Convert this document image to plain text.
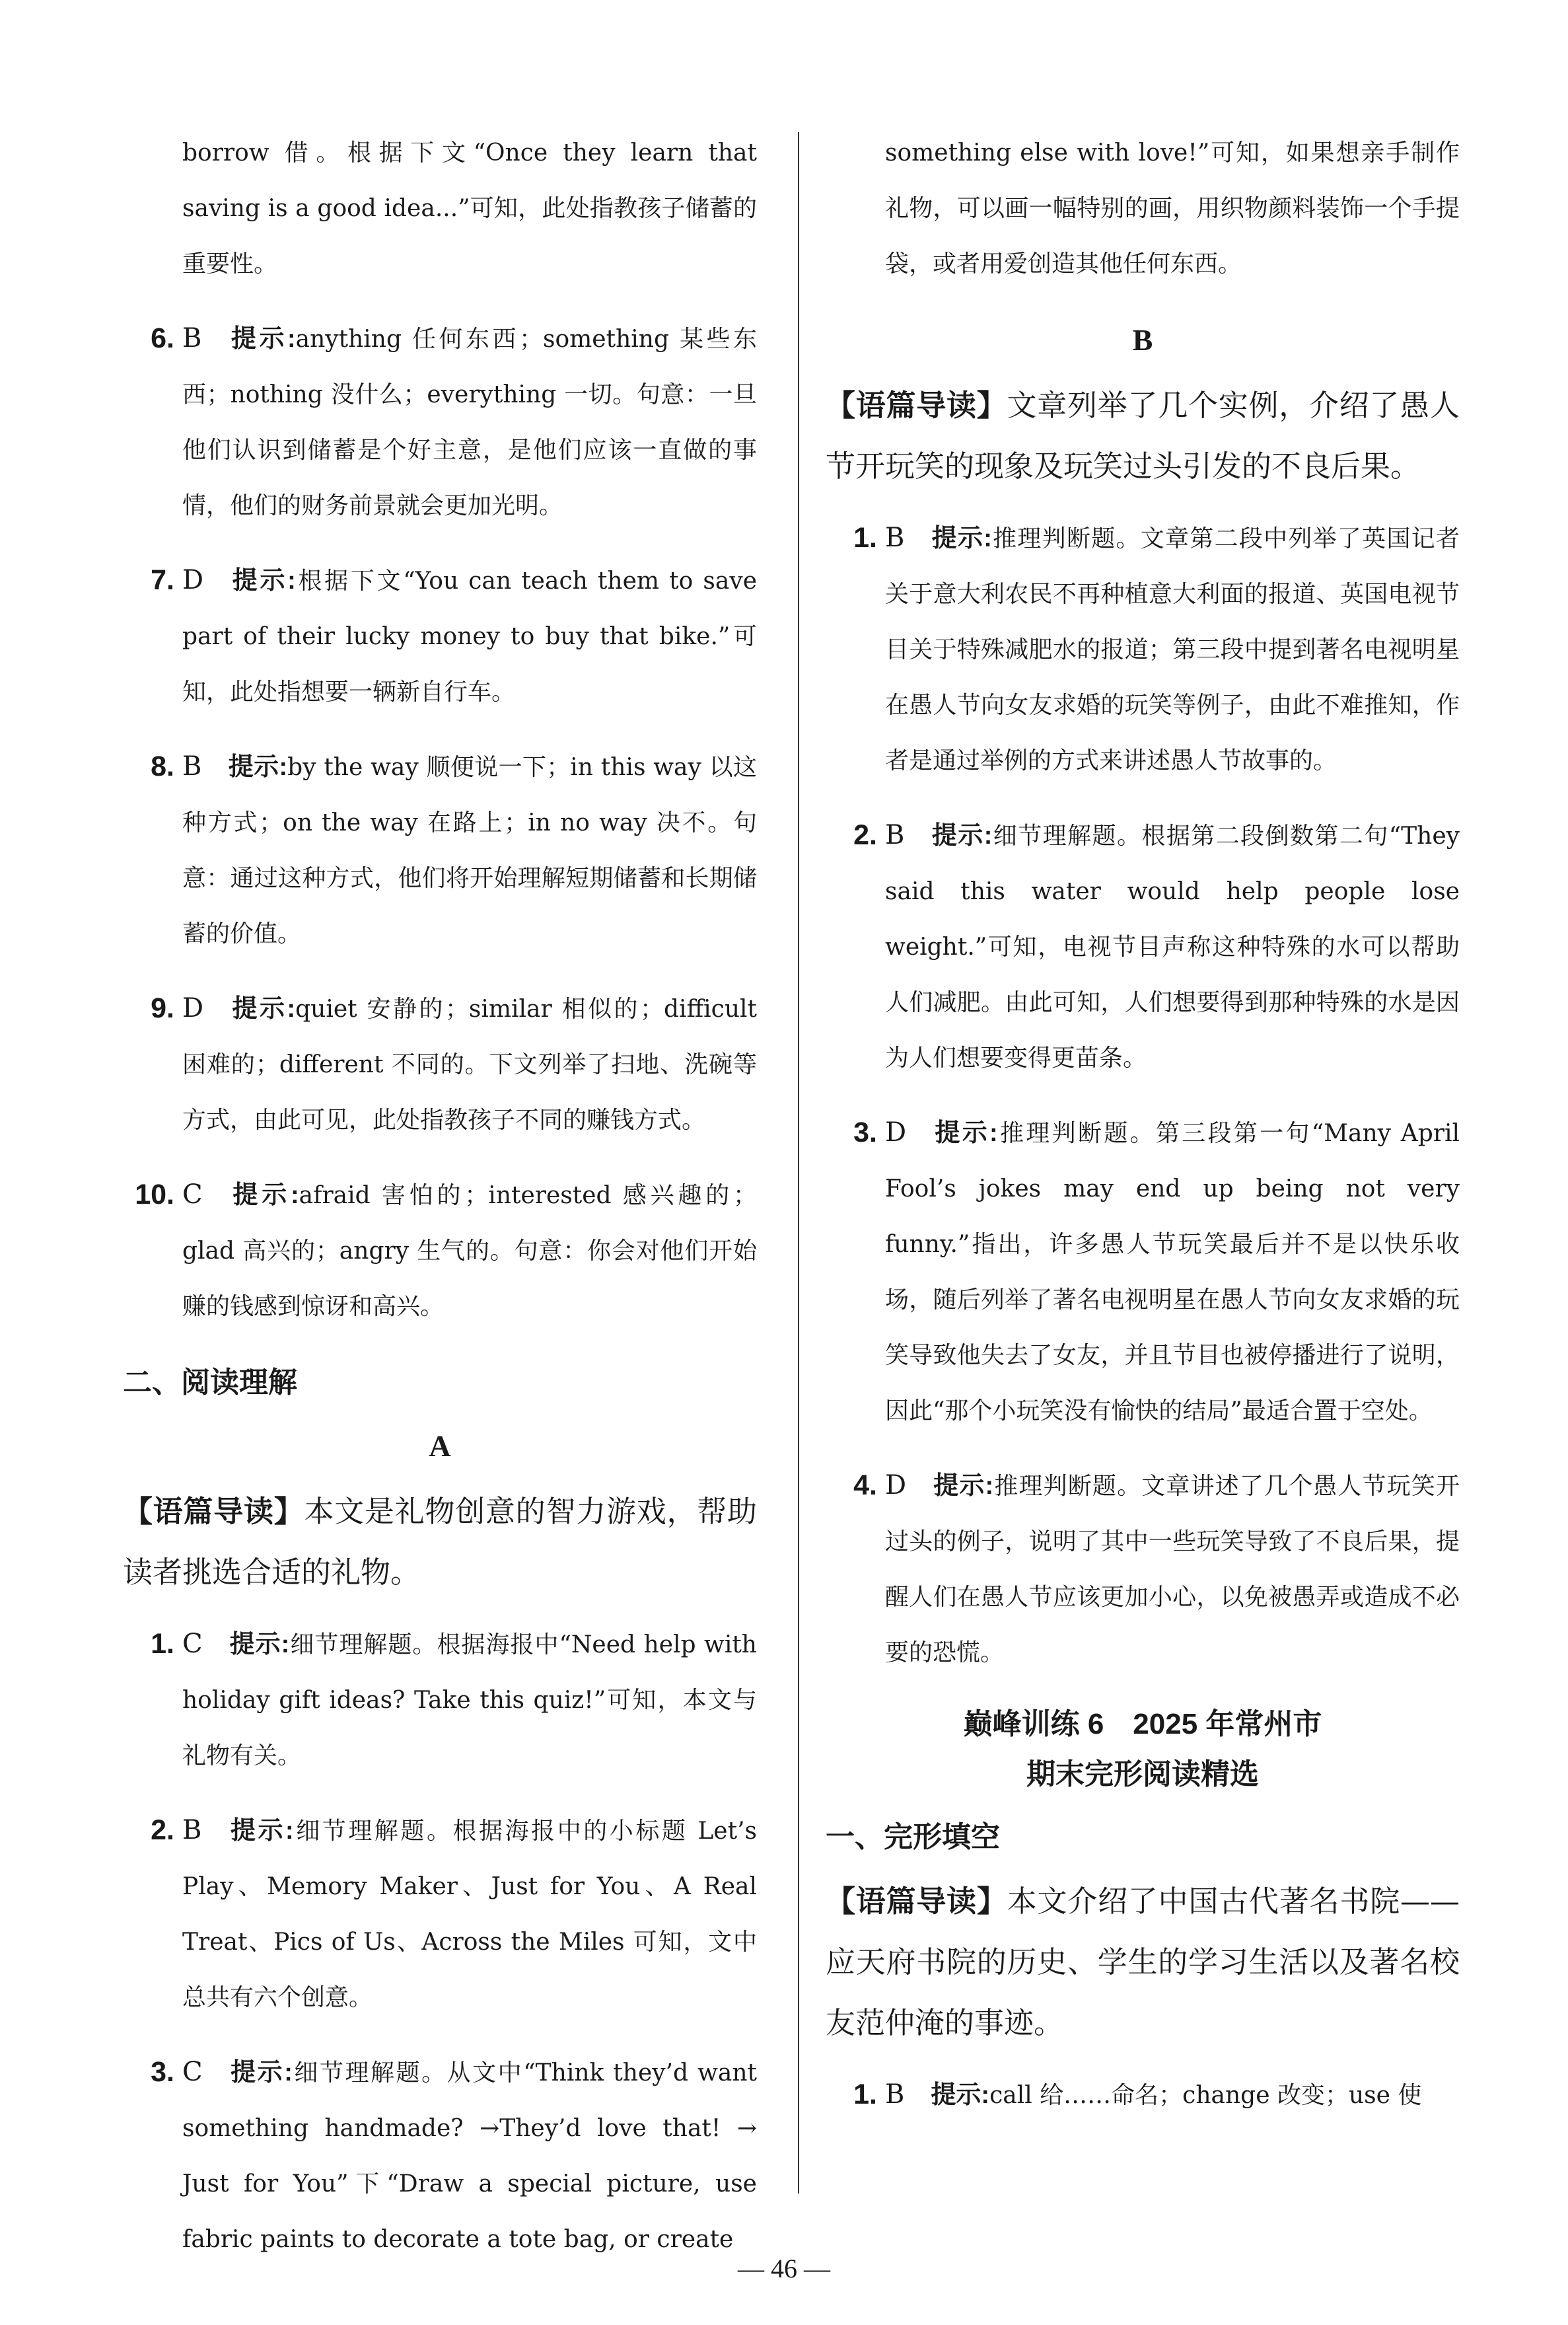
borrow 借。根据下文“Once they learn that saving is a good idea...”可知，此处指教孩子储蓄的重要性。
6. B 提示:anything 任何东西；something 某些东西；nothing 没什么；everything 一切。句意：一旦他们认识到储蓄是个好主意，是他们应该一直做的事情，他们的财务前景就会更加光明。
7. D 提示:根据下文“You can teach them to save part of their lucky money to buy that bike.”可知，此处指想要一辆新自行车。
8. B 提示:by the way 顺便说一下；in this way 以这种方式；on the way 在路上；in no way 决不。句意：通过这种方式，他们将开始理解短期储蓄和长期储蓄的价值。
9. D 提示:quiet 安静的；similar 相似的；difficult 困难的；different 不同的。下文列举了扫地、洗碗等方式，由此可见，此处指教孩子不同的赚钱方式。
10. C 提示:afraid 害怕的；interested 感兴趣的；glad 高兴的；angry 生气的。句意：你会对他们开始赚的钱感到惊讶和高兴。
二、阅读理解
A
【语篇导读】本文是礼物创意的智力游戏，帮助读者挑选合适的礼物。
1. C 提示:细节理解题。根据海报中“Need help with holiday gift ideas? Take this quiz!”可知，本文与礼物有关。
2. B 提示:细节理解题。根据海报中的小标题 Let’s Play、Memory Maker、Just for You、A Real Treat、Pics of Us、Across the Miles 可知，文中总共有六个创意。
3. C 提示:细节理解题。从文中“Think they’d want something handmade? →They’d love that! → Just for You”下“Draw a special picture, use fabric paints to decorate a tote bag, or create
something else with love!”可知，如果想亲手制作礼物，可以画一幅特别的画，用织物颜料装饰一个手提袋，或者用爱创造其他任何东西。
B
【语篇导读】文章列举了几个实例，介绍了愚人节开玩笑的现象及玩笑过头引发的不良后果。
1. B 提示:推理判断题。文章第二段中列举了英国记者关于意大利农民不再种植意大利面的报道、英国电视节目关于特殊减肥水的报道；第三段中提到著名电视明星在愚人节向女友求婚的玩笑等例子，由此不难推知，作者是通过举例的方式来讲述愚人节故事的。
2. B 提示:细节理解题。根据第二段倒数第二句“They said this water would help people lose weight.”可知，电视节目声称这种特殊的水可以帮助人们减肥。由此可知，人们想要得到那种特殊的水是因为人们想要变得更苗条。
3. D 提示:推理判断题。第三段第一句“Many April Fool’s jokes may end up being not very funny.”指出，许多愚人节玩笑最后并不是以快乐收场，随后列举了著名电视明星在愚人节向女友求婚的玩笑导致他失去了女友，并且节目也被停播进行了说明，因此“那个小玩笑没有愉快的结局”最适合置于空处。
4. D 提示:推理判断题。文章讲述了几个愚人节玩笑开过头的例子，说明了其中一些玩笑导致了不良后果，提醒人们在愚人节应该更加小心，以免被愚弄或造成不必要的恐慌。
巅峰训练 6　2025 年常州市
期末完形阅读精选
一、完形填空
【语篇导读】本文介绍了中国古代著名书院——应天府书院的历史、学生的学习生活以及著名校友范仲淹的事迹。
1. B 提示:call 给……命名；change 改变；use 使
— 46 —
